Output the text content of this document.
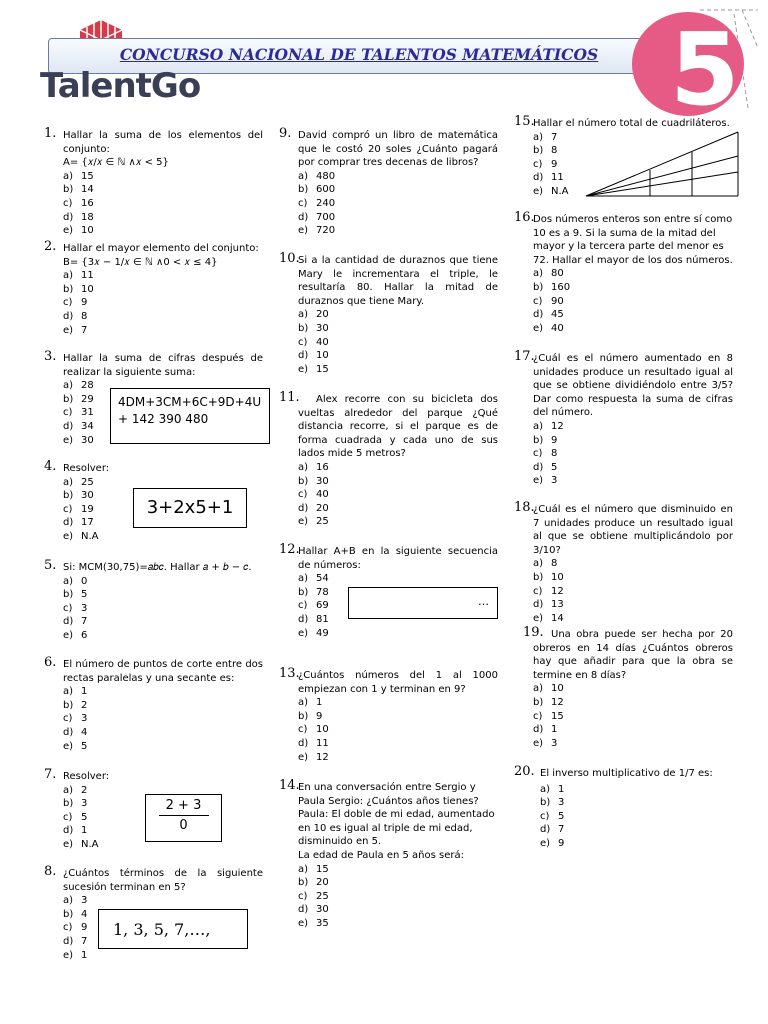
CONCURSO NACIONAL DE TALENTOS MATEMÁTICOS
TalentGo	5
1. Hallar la suma de los elementos del conjunto:
A= {𝑥/𝑥 ∈ ℕ ∧𝑥 < 5}
a) 15
b) 14
c) 16
d) 18
e) 10
2. Hallar el mayor elemento del conjunto:
B= {3𝑥 − 1/𝑥 ∈ ℕ ∧0 < 𝑥 ≤ 4}
a) 11
b) 10
c) 9
d) 8
e) 7
3. Hallar la suma de cifras después de realizar la siguiente suma:
a) 28
b) 29
c) 31
d) 34
e) 30
4DM+3CM+6C+9D+4U + 142 390 480
4. Resolver:
a) 25
b) 30
c) 19
d) 17
e) N.A
3+2x5+1
5. Si: MCM(30,75)=𝑎𝑏𝑐. Hallar 𝑎 + 𝑏 − 𝑐.
a) 0
b) 5
c) 3
d) 7
e) 6
6. El número de puntos de corte entre dos rectas paralelas y una secante es:
a) 1
b) 2
c) 3
d) 4
e) 5
7. Resolver:
a) 2
b) 3
c) 5
d) 1
e) N.A
2 + 3
0
8. ¿Cuántos términos de la siguiente sucesión terminan en 5?
a) 3
b) 4
c) 9
d) 7
e) 1
1, 3, 5, 7,…,
9. David compró un libro de matemática que le costó 20 soles ¿Cuánto pagará por comprar tres decenas de libros?
a) 480
b) 600
c) 240
d) 700
e) 720
10.
Si a la cantidad de duraznos que tiene Mary le incrementara el triple, le resultaría 80. Hallar la mitad de duraznos que tiene Mary.
a) 20
b) 30
c) 40
d) 10
e) 15
11.	Alex recorre con su bicicleta dos vueltas alrededor del parque ¿Qué distancia recorre, si el parque es de forma cuadrada y cada uno de sus lados mide 5 metros?
a) 16
b) 30
c) 40
d) 20
e) 25
12.
Hallar A+B en la siguiente secuencia de números:
a) 54
b) 78
c) 69
d) 81
e) 49
…
13.
¿Cuántos números del 1 al 1000 empiezan con 1 y terminan en 9?
a) 1
b) 9
c) 10
d) 11
e) 12
14.
En una conversación entre Sergio y Paula Sergio: ¿Cuántos años tienes? Paula: El doble de mi edad, aumentado en 10 es igual al triple de mi edad, disminuido en 5.
La edad de Paula en 5 años será:
a) 15
b) 20
c) 25
d) 30
e) 35
15.
Hallar el número total de cuadriláteros.
a) 7
b) 8
c) 9
d) 11
e) N.A
16.
Dos números enteros son entre sí como 10 es a 9. Si la suma de la mitad del mayor y la tercera parte del menor es 72. Hallar el mayor de los dos números.
a) 80
b) 160
c) 90
d) 45
e) 40
17.
¿Cuál es el número aumentado en 8 unidades produce un resultado igual al que se obtiene dividiéndolo entre 3/5? Dar como respuesta la suma de cifras del número.
a) 12
b) 9
c) 8
d) 5
e) 3
18.
¿Cuál es el número que disminuido en 7 unidades produce un resultado igual al que se obtiene multiplicándolo por 3/10?
a) 8
b) 10
c) 12
d) 13
e) 14
19. Una obra puede ser hecha por 20 obreros en 14 días ¿Cuántos obreros hay que añadir para que la obra se termine en 8 días?
a) 10
b) 12
c) 15
d) 1
e) 3
20. El inverso multiplicativo de 1/7 es:
a) 1
b) 3
c) 5
d) 7
e) 9
